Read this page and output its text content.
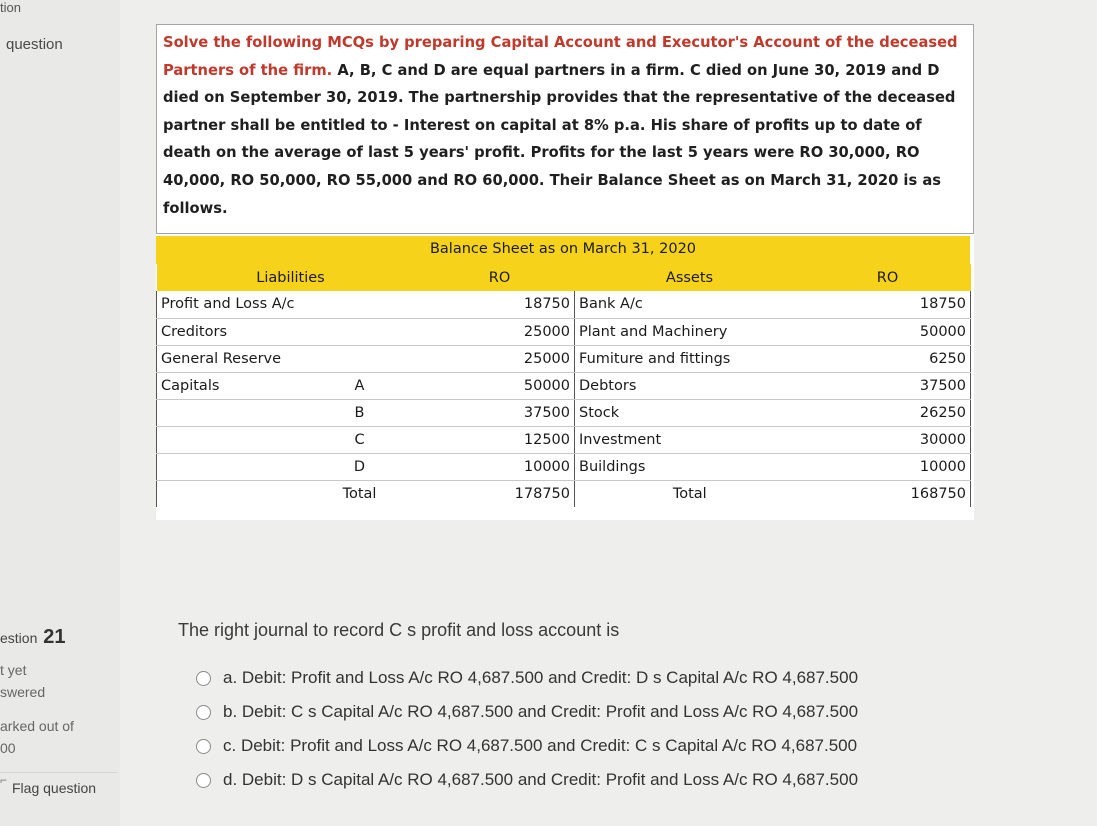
tion
question
estion 21
t yet
swered
arked out of
00
⌐ Flag question
Solve the following MCQs by preparing Capital Account and Executor's Account of the deceased Partners of the firm. A, B, C and D are equal partners in a firm. C died on June 30, 2019 and D died on September 30, 2019. The partnership provides that the representative of the deceased partner shall be entitled to - Interest on capital at 8% p.a. His share of profits up to date of death on the average of last 5 years' profit. Profits for the last 5 years were RO 30,000, RO 40,000, RO 50,000, RO 55,000 and RO 60,000. Their Balance Sheet as on March 31, 2020 is as follows.
Balance Sheet as on March 31, 2020
Liabilities		RO	Assets	RO
Profit and Loss A/c		18750	Bank A/c	18750
Creditors		25000	Plant and Machinery	50000
General Reserve		25000	Fumiture and fittings	6250
Capitals	A	50000	Debtors	37500
	B	37500	Stock	26250
	C	12500	Investment	30000
	D	10000	Buildings	10000
	Total	178750	Total	168750
The right journal to record C s profit and loss account is
a. Debit: Profit and Loss A/c RO 4,687.500 and Credit: D s Capital A/c RO 4,687.500
b. Debit: C s Capital A/c RO 4,687.500 and Credit: Profit and Loss A/c RO 4,687.500
c. Debit: Profit and Loss A/c RO 4,687.500 and Credit: C s Capital A/c RO 4,687.500
d. Debit: D s Capital A/c RO 4,687.500 and Credit: Profit and Loss A/c RO 4,687.500
